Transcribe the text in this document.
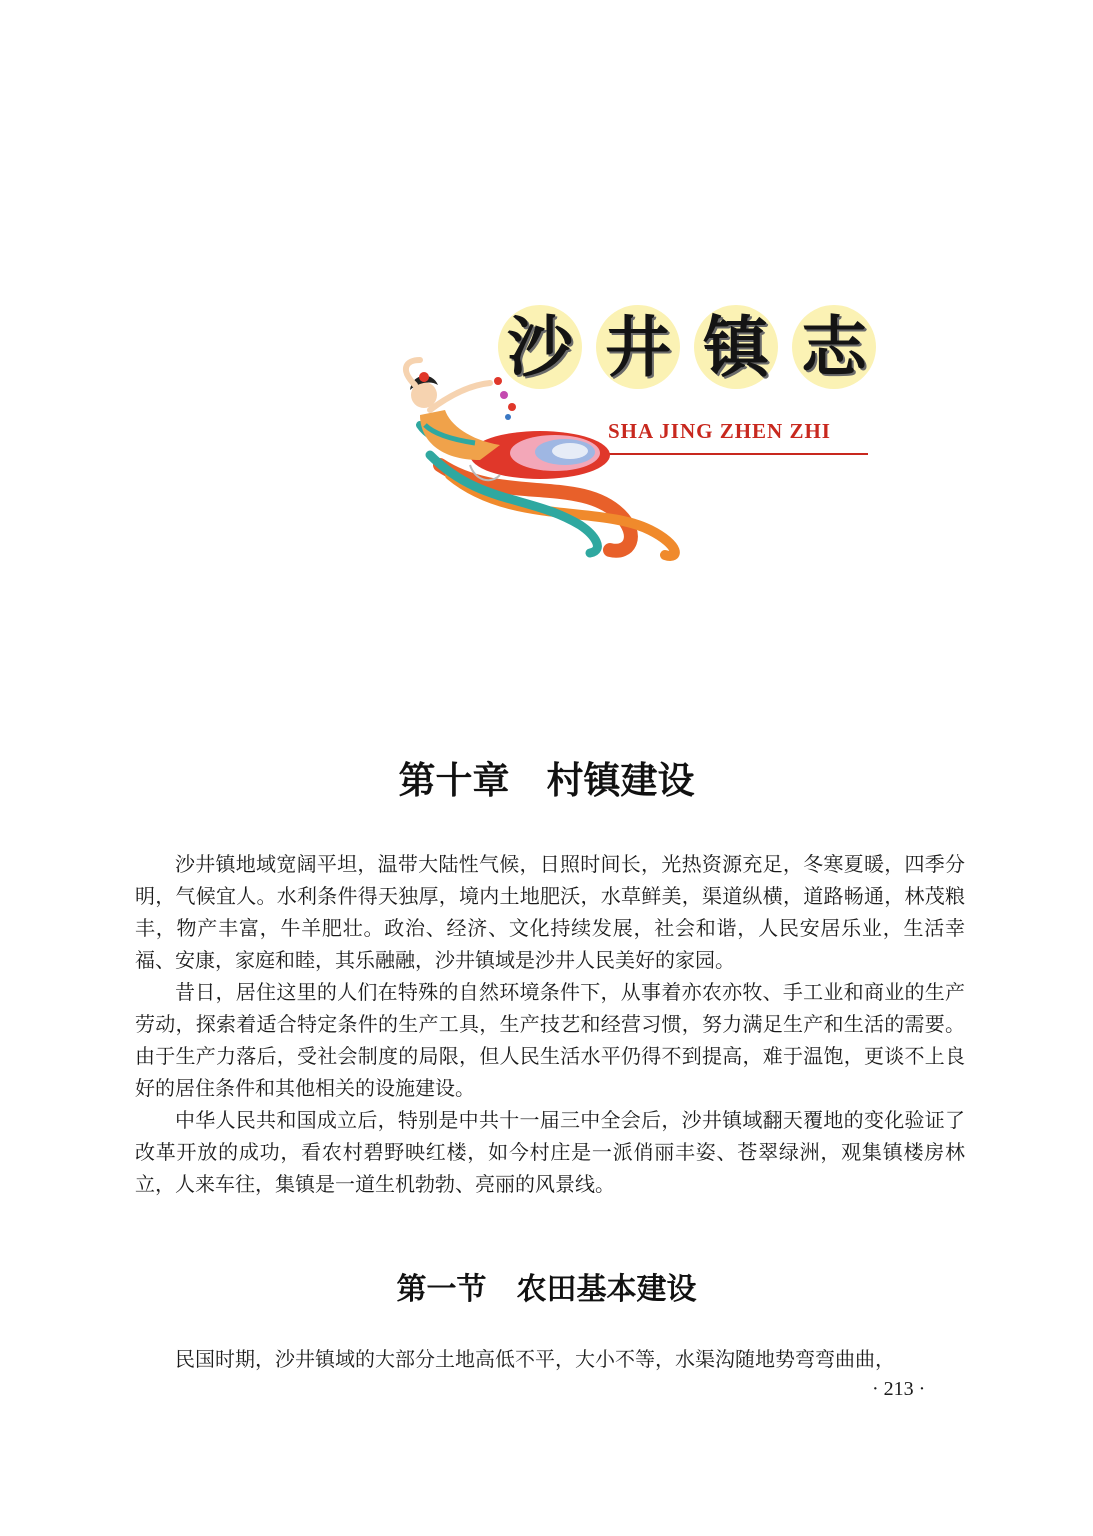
沙 井 镇 志
SHA JING ZHEN ZHI
第十章　村镇建设

沙井镇地域宽阔平坦，温带大陆性气候，日照时间长，光热资源充足，冬寒夏暖，四季分明，气候宜人。水利条件得天独厚，境内土地肥沃，水草鲜美，渠道纵横，道路畅通，林茂粮丰，物产丰富，牛羊肥壮。政治、经济、文化持续发展，社会和谐，人民安居乐业，生活幸福、安康，家庭和睦，其乐融融，沙井镇域是沙井人民美好的家园。

昔日，居住这里的人们在特殊的自然环境条件下，从事着亦农亦牧、手工业和商业的生产劳动，探索着适合特定条件的生产工具，生产技艺和经营习惯，努力满足生产和生活的需要。由于生产力落后，受社会制度的局限，但人民生活水平仍得不到提高，难于温饱，更谈不上良好的居住条件和其他相关的设施建设。

中华人民共和国成立后，特别是中共十一届三中全会后，沙井镇域翻天覆地的变化验证了改革开放的成功，看农村碧野映红楼，如今村庄是一派俏丽丰姿、苍翠绿洲，观集镇楼房林立，人来车往，集镇是一道生机勃勃、亮丽的风景线。

第一节　农田基本建设

民国时期，沙井镇域的大部分土地高低不平，大小不等，水渠沟随地势弯弯曲曲，

· 213 ·
